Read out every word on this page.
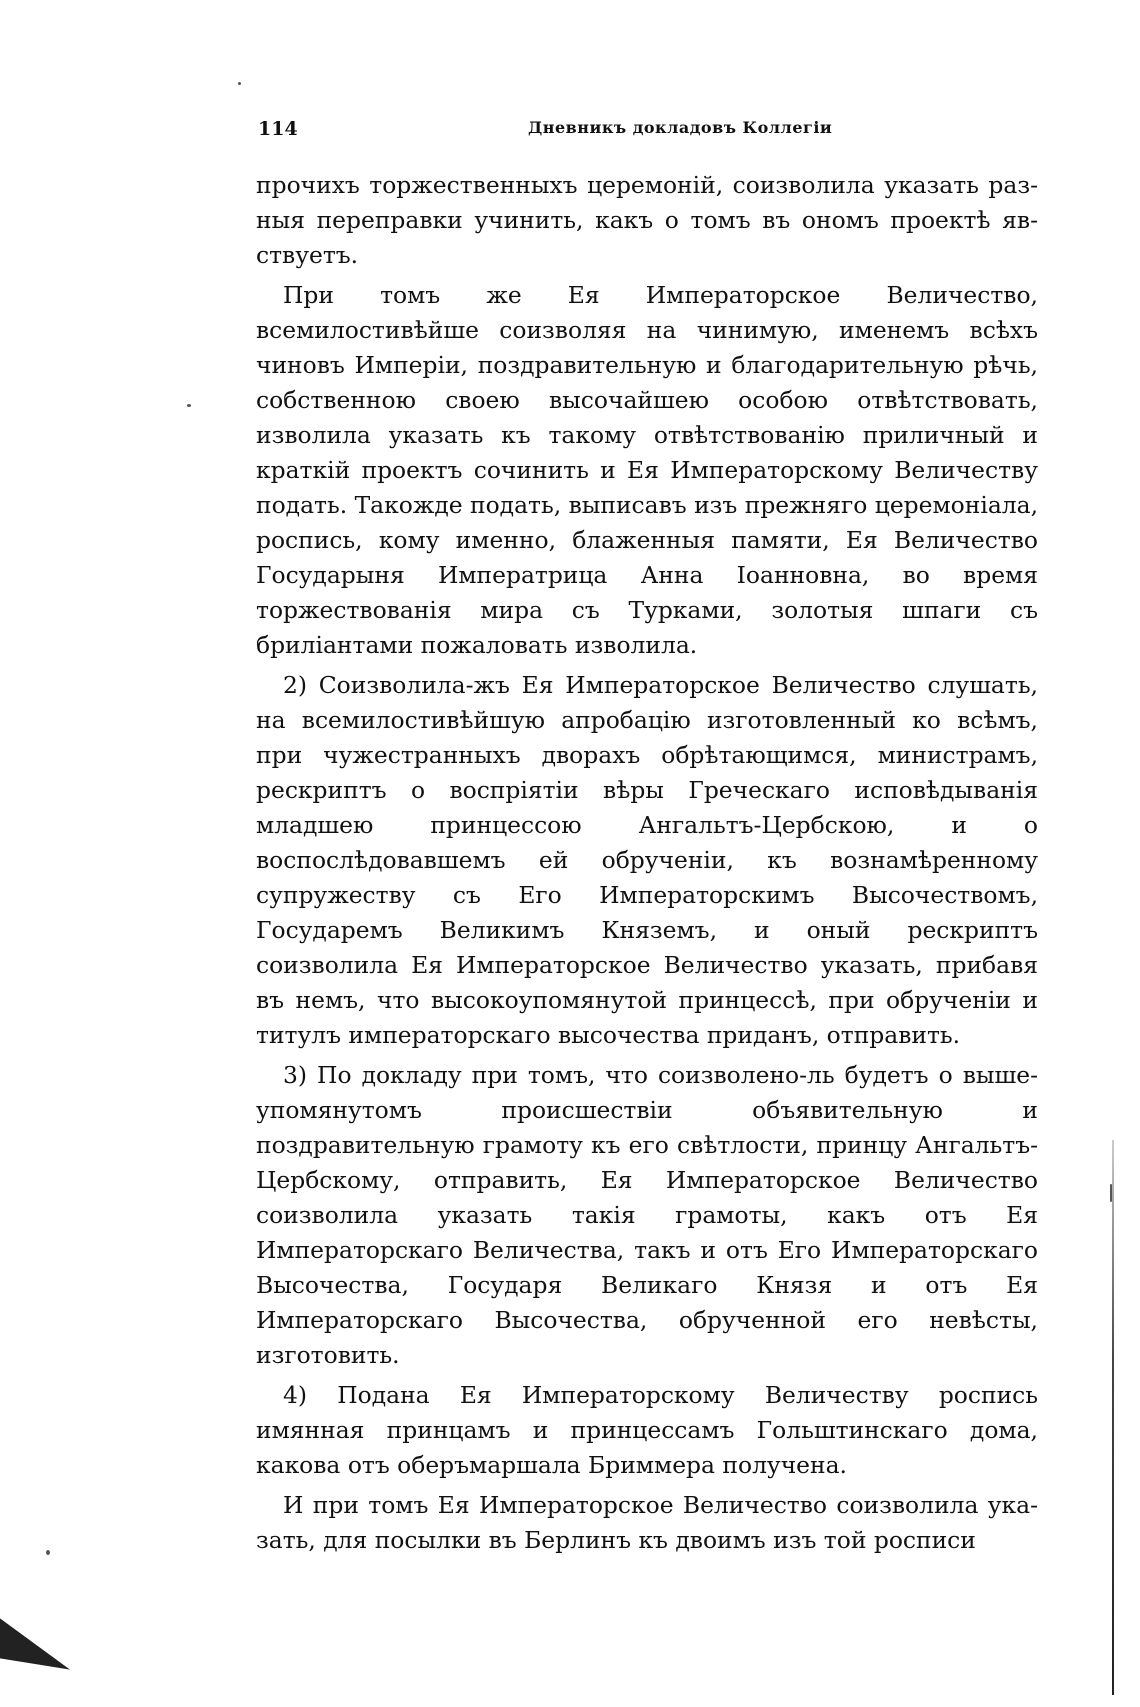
114	Дневникъ докладовъ Коллегіи

прочихъ торжественныхъ церемоній, соизволила указать разныя переправки учинить, какъ о томъ въ ономъ проектѣ явствуетъ.

При томъ же Ея Императорское Величество, всемилостивѣйше соизволяя на чинимую, именемъ всѣхъ чиновъ Имперіи, поздравительную и благодарительную рѣчь, собственною своею высочайшею особою отвѣтствовать, изволила указать къ такому отвѣтствованію приличный и краткій проектъ сочинить и Ея Императорскому Величеству подать. Такожде подать, выписавъ изъ прежняго церемоніала, роспись, кому именно, блаженныя памяти, Ея Величество Государыня Императрица Анна Іоанновна, во время торжествованія мира съ Турками, золотыя шпаги съ бриліантами пожаловать изволила.

2) Соизволила-жъ Ея Императорское Величество слушать, на всемилостивѣйшую апробацію изготовленный ко всѣмъ, при чужестранныхъ дворахъ обрѣтающимся, министрамъ, рескриптъ о воспріятіи вѣры Греческаго исповѣдыванія младшею принцессою Ангальтъ-Цербскою, и о воспослѣдовавшемъ ей обрученіи, къ вознамѣренному супружеству съ Его Императорскимъ Высочествомъ, Государемъ Великимъ Княземъ, и оный рескриптъ соизволила Ея Императорское Величество указать, прибавя въ немъ, что высокоупомянутой принцессѣ, при обрученіи и титулъ императорскаго высочества приданъ, отправить.

3) По докладу при томъ, что соизволено-ль будетъ о вышеупомянутомъ происшествіи объявительную и поздравительную грамоту къ его свѣтлости, принцу Ангальтъ-Цербскому, отправить, Ея Императорское Величество соизволила указать такія грамоты, какъ отъ Ея Императорскаго Величества, такъ и отъ Его Императорскаго Высочества, Государя Великаго Князя и отъ Ея Императорскаго Высочества, обрученной его невѣсты, изготовить.

4) Подана Ея Императорскому Величеству роспись имянная принцамъ и принцессамъ Гольштинскаго дома, какова отъ оберъмаршала Бриммера получена.

И при томъ Ея Императорское Величество соизволила указать, для посылки въ Берлинъ къ двоимъ изъ той росписи
